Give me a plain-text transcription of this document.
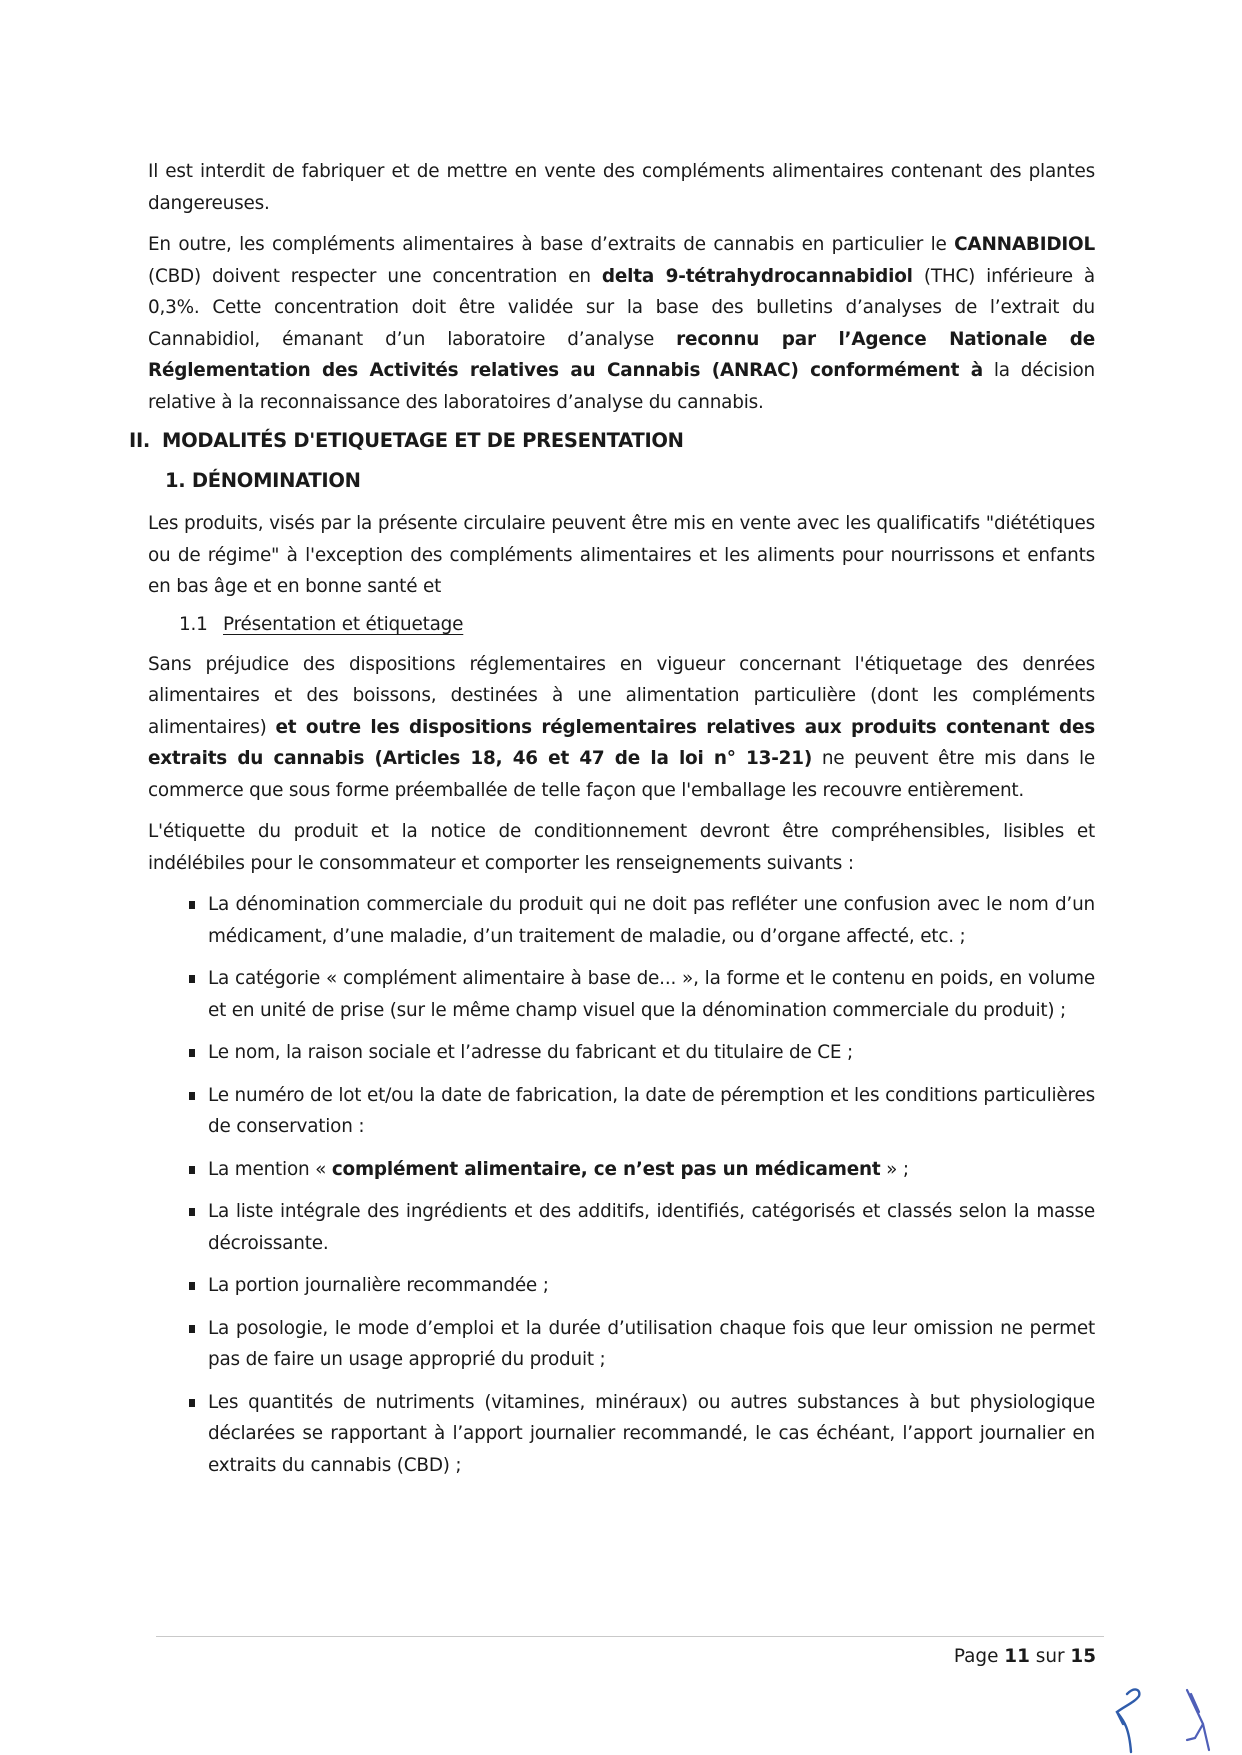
Il est interdit de fabriquer et de mettre en vente des compléments alimentaires contenant des plantes dangereuses.

En outre, les compléments alimentaires à base d’extraits de cannabis en particulier le CANNABIDIOL (CBD) doivent respecter une concentration en delta 9-tétrahydrocannabidiol (THC) inférieure à 0,3%. Cette concentration doit être validée sur la base des bulletins d’analyses de l’extrait du Cannabidiol, émanant d’un laboratoire d’analyse reconnu par l’Agence Nationale de Réglementation des Activités relatives au Cannabis (ANRAC) conformément à la décision relative à la reconnaissance des laboratoires d’analyse du cannabis.

II. MODALITÉS D'ETIQUETAGE ET DE PRESENTATION
1. DÉNOMINATION

Les produits, visés par la présente circulaire peuvent être mis en vente avec les qualificatifs "diététiques ou de régime" à l'exception des compléments alimentaires et les aliments pour nourrissons et enfants en bas âge et en bonne santé et

1.1 Présentation et étiquetage

Sans préjudice des dispositions réglementaires en vigueur concernant l'étiquetage des denrées alimentaires et des boissons, destinées à une alimentation particulière (dont les compléments alimentaires) et outre les dispositions réglementaires relatives aux produits contenant des extraits du cannabis (Articles 18, 46 et 47 de la loi n° 13-21) ne peuvent être mis dans le commerce que sous forme préemballée de telle façon que l'emballage les recouvre entièrement.

L'étiquette du produit et la notice de conditionnement devront être compréhensibles, lisibles et indélébiles pour le consommateur et comporter les renseignements suivants :

La dénomination commerciale du produit qui ne doit pas refléter une confusion avec le nom d’un médicament, d’une maladie, d’un traitement de maladie, ou d’organe affecté, etc. ;
La catégorie « complément alimentaire à base de... », la forme et le contenu en poids, en volume et en unité de prise (sur le même champ visuel que la dénomination commerciale du produit) ;
Le nom, la raison sociale et l’adresse du fabricant et du titulaire de CE ;
Le numéro de lot et/ou la date de fabrication, la date de péremption et les conditions particulières de conservation :
La mention « complément alimentaire, ce n’est pas un médicament » ;
La liste intégrale des ingrédients et des additifs, identifiés, catégorisés et classés selon la masse décroissante.
La portion journalière recommandée ;
La posologie, le mode d’emploi et la durée d’utilisation chaque fois que leur omission ne permet pas de faire un usage approprié du produit ;
Les quantités de nutriments (vitamines, minéraux) ou autres substances à but physiologique déclarées se rapportant à l’apport journalier recommandé, le cas échéant, l’apport journalier en extraits du cannabis (CBD) ;
Page 11 sur 15
